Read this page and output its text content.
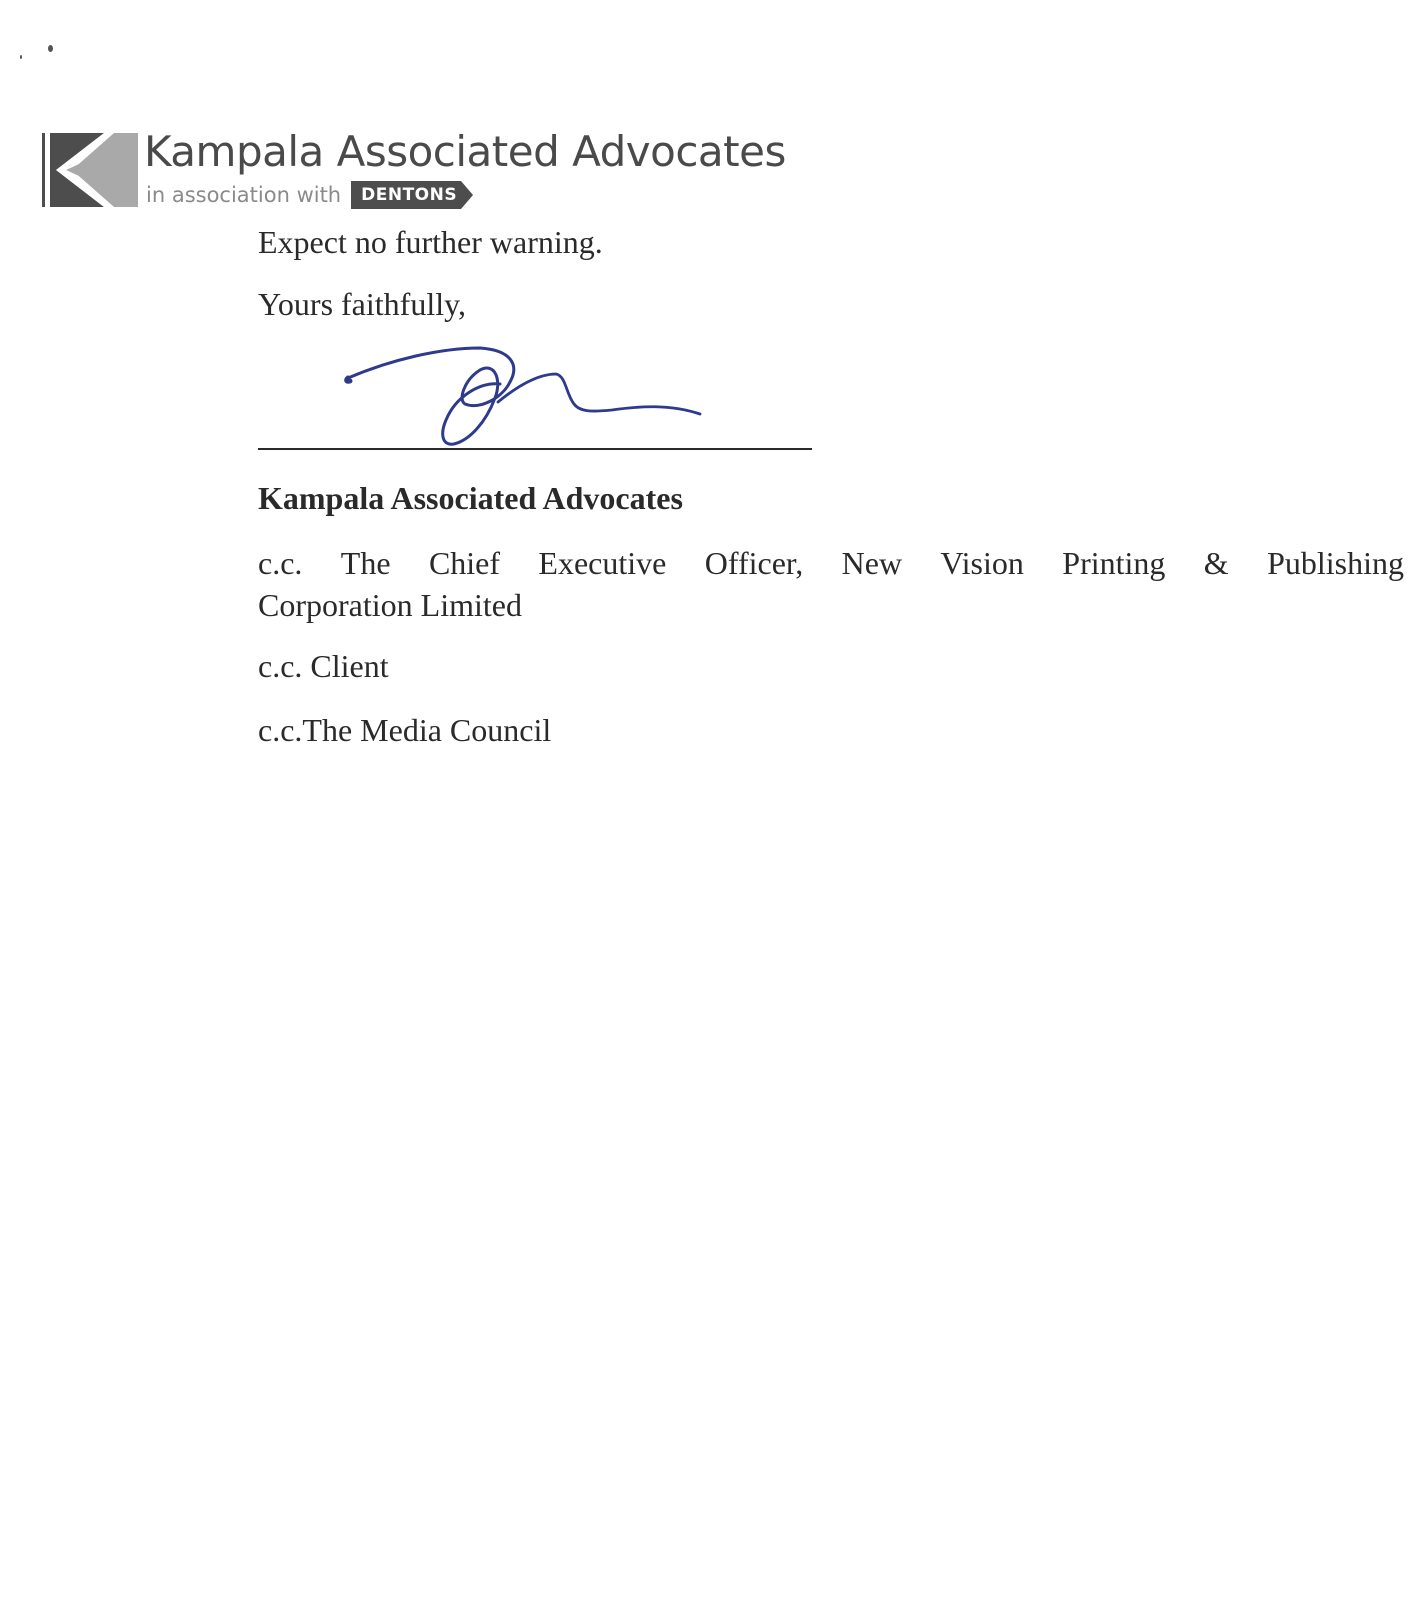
Kampala Associated Advocates
in association with	DENTONS
Expect no further warning.
Yours faithfully,
Kampala Associated Advocates
c.c. The Chief Executive Officer, New Vision Printing & Publishing
Corporation Limited
c.c. Client
c.c.The Media Council
